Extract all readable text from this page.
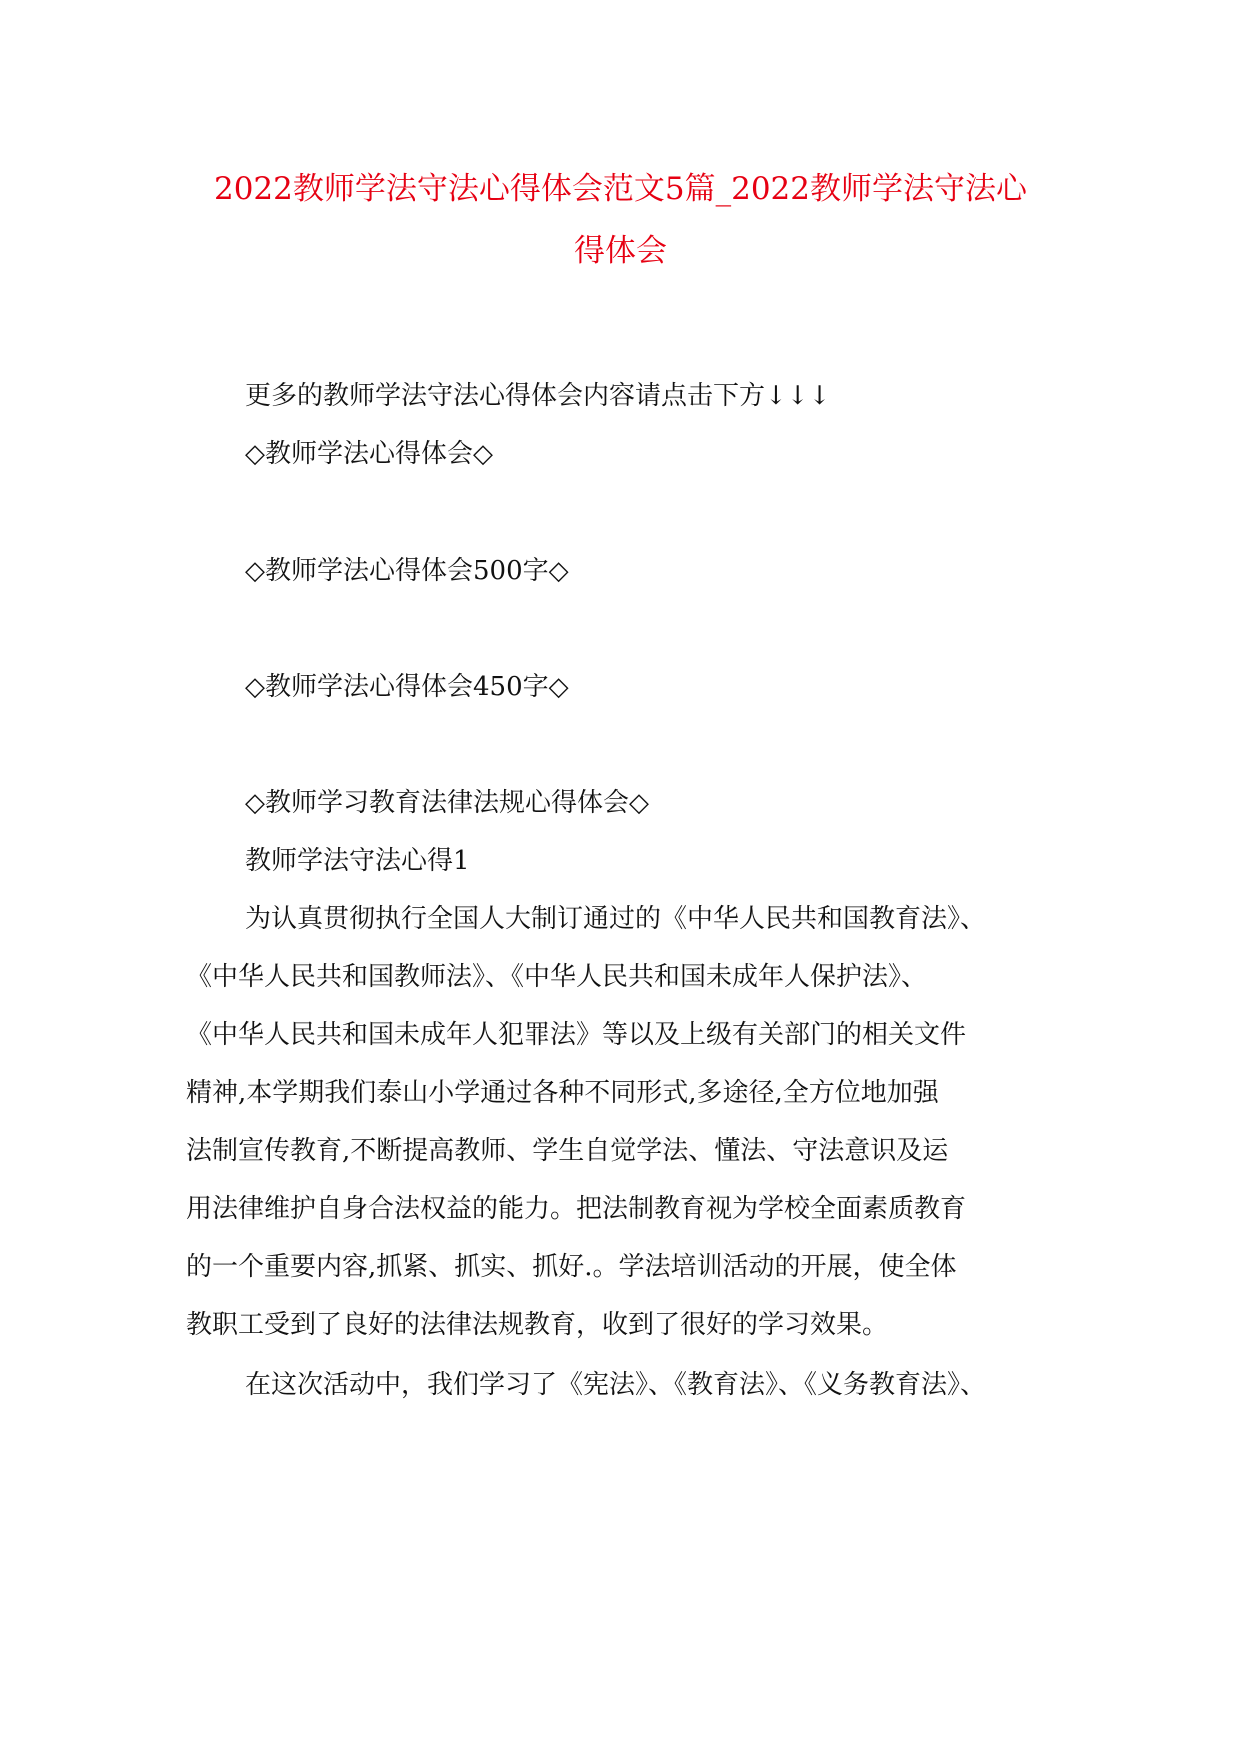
2022教师学法守法心得体会范文5篇_2022教师学法守法心
得体会
更多的教师学法守法心得体会内容请点击下方↓↓↓
◇教师学法心得体会◇
◇教师学法心得体会500字◇
◇教师学法心得体会450字◇
◇教师学习教育法律法规心得体会◇
教师学法守法心得1
为认真贯彻执行全国人大制订通过的《中华人民共和国教育法》、
《中华人民共和国教师法》、《中华人民共和国未成年人保护法》、
《中华人民共和国未成年人犯罪法》等以及上级有关部门的相关文件
精神,本学期我们泰山小学通过各种不同形式,多途径,全方位地加强
法制宣传教育,不断提高教师、学生自觉学法、懂法、守法意识及运
用法律维护自身合法权益的能力。把法制教育视为学校全面素质教育
的一个重要内容,抓紧、抓实、抓好.。学法培训活动的开展，使全体
教职工受到了良好的法律法规教育，收到了很好的学习效果。
在这次活动中，我们学习了《宪法》、《教育法》、《义务教育法》、
